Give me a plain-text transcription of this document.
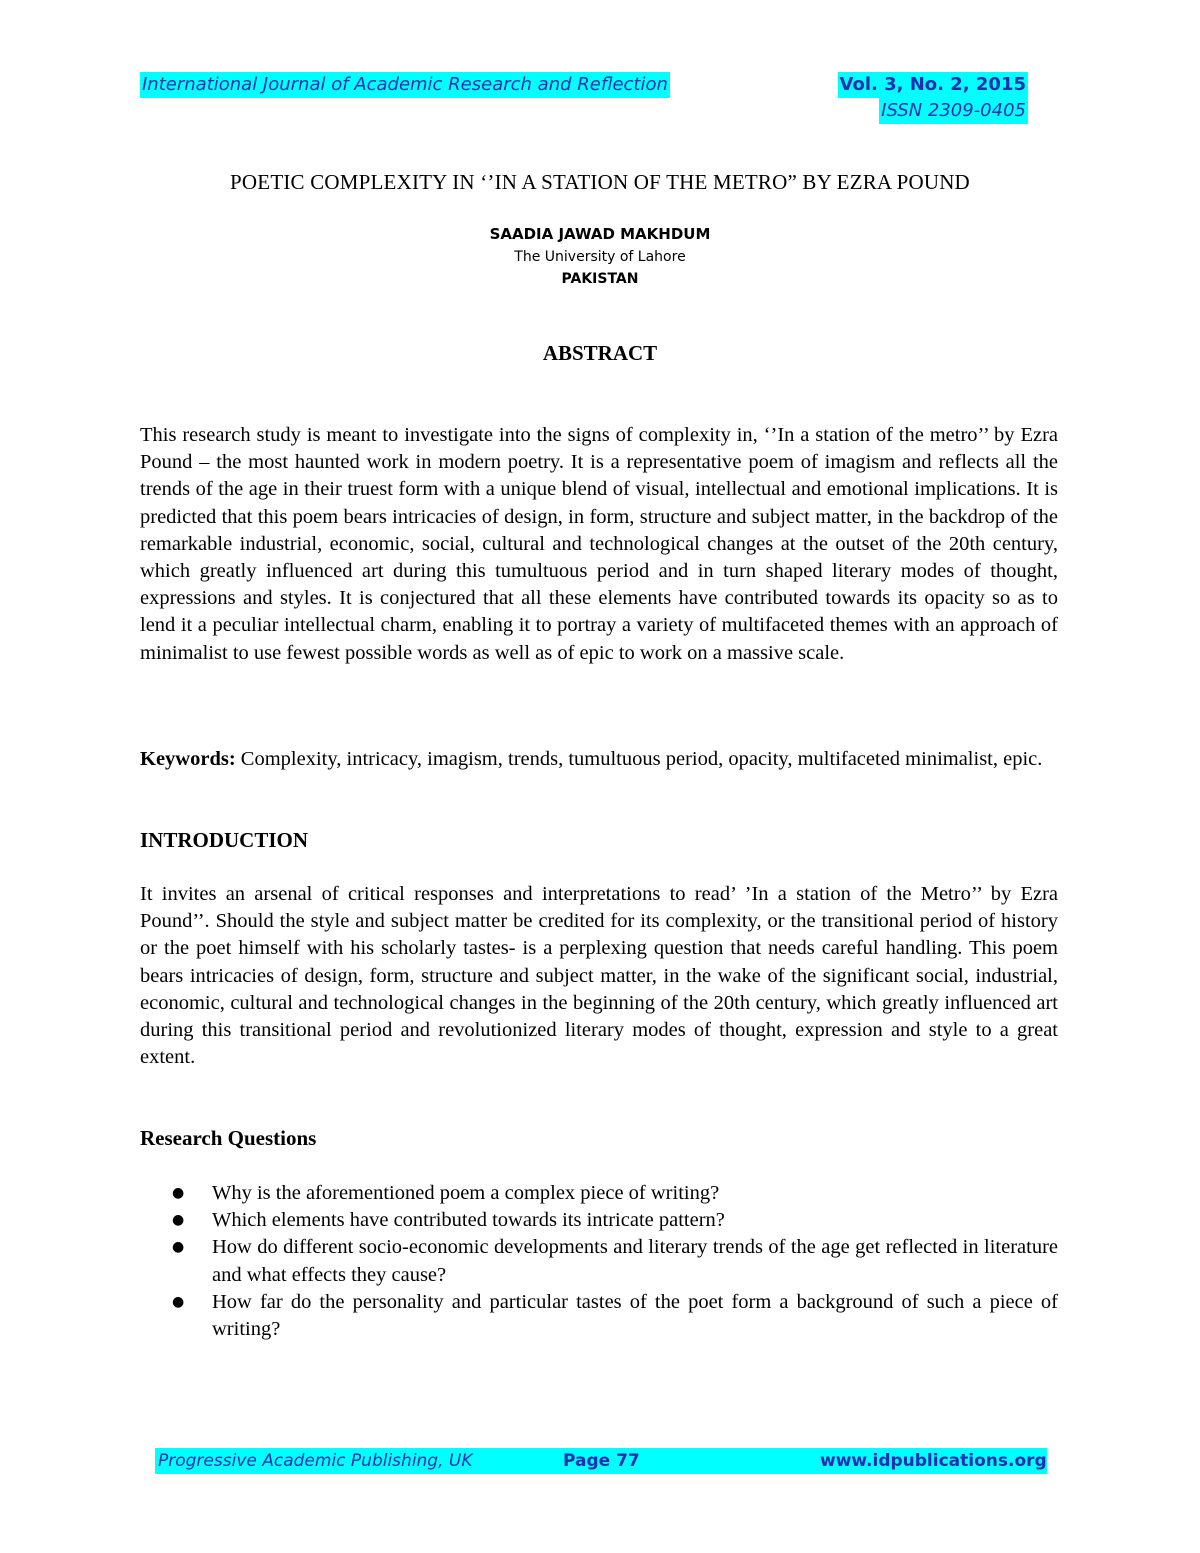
International Journal of Academic Research and Reflection	Vol. 3, No. 2, 2015
ISSN 2309-0405
POETIC COMPLEXITY IN ‘’IN A STATION OF THE METRO” BY EZRA POUND
SAADIA JAWAD MAKHDUM
The University of Lahore
PAKISTAN
ABSTRACT
This research study is meant to investigate into the signs of complexity in, ‘’In a station of the metro’’ by Ezra Pound – the most haunted work in modern poetry. It is a representative poem of imagism and reflects all the trends of the age in their truest form with a unique blend of visual, intellectual and emotional implications. It is predicted that this poem bears intricacies of design, in form, structure and subject matter, in the backdrop of the remarkable industrial, economic, social, cultural and technological changes at the outset of the 20th century, which greatly influenced art during this tumultuous period and in turn shaped literary modes of thought, expressions and styles. It is conjectured that all these elements have contributed towards its opacity so as to lend it a peculiar intellectual charm, enabling it to portray a variety of multifaceted themes with an approach of minimalist to use fewest possible words as well as of epic to work on a massive scale.
Keywords: Complexity, intricacy, imagism, trends, tumultuous period, opacity, multifaceted minimalist, epic.
INTRODUCTION
It invites an arsenal of critical responses and interpretations to read’ ’In a station of the Metro’’ by Ezra Pound’’. Should the style and subject matter be credited for its complexity, or the transitional period of history or the poet himself with his scholarly tastes- is a perplexing question that needs careful handling. This poem bears intricacies of design, form, structure and subject matter, in the wake of the significant social, industrial, economic, cultural and technological changes in the beginning of the 20th century, which greatly influenced art during this transitional period and revolutionized literary modes of thought, expression and style to a great extent.
Research Questions
● Why is the aforementioned poem a complex piece of writing?
● Which elements have contributed towards its intricate pattern?
● How do different socio-economic developments and literary trends of the age get reflected in literature and what effects they cause?
● How far do the personality and particular tastes of the poet form a background of such a piece of writing?
Progressive Academic Publishing, UK	Page 77	www.idpublications.org
